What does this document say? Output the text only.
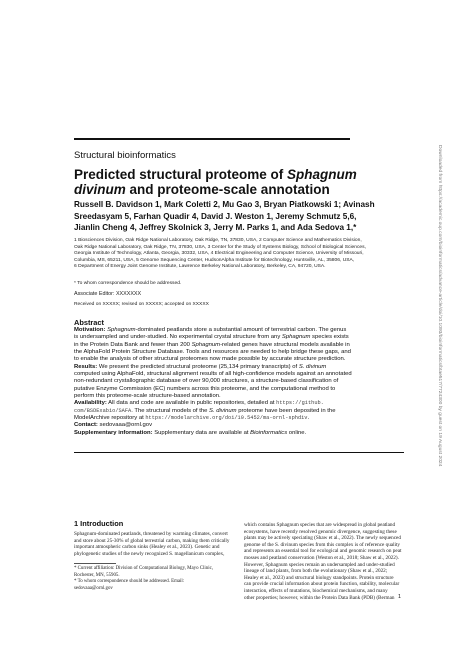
Downloaded from https://academic.oup.com/bioinformatics/advance-article/doi/10.1093/bioinformatics/btae517/7724300 by guest on 19 August 2024
Structural bioinformatics
Predicted structural proteome of Sphagnum
divinum and proteome-scale annotation
Russell B. Davidson 1, Mark Coletti 2, Mu Gao 3, Bryan Piatkowski 1; Avinash
Sreedasyam 5, Farhan Quadir 4, David J. Weston 1, Jeremy Schmutz 5,6,
Jianlin Cheng 4, Jeffrey Skolnick 3, Jerry M. Parks 1, and Ada Sedova 1,*
1 Biosciences Division, Oak Ridge National Laboratory, Oak Ridge, TN, 37830, USA, 2 Computer Science and Mathematics Division,
Oak Ridge National Laboratory, Oak Ridge, TN, 37830, USA, 3 Center for the Study of Systems Biology, School of Biological Sciences,
Georgia Institute of Technology, Atlanta, Georgia, 30332, USA, 4 Electrical Engineering and Computer Science, University of Missouri,
Columbia, MS, 65211, USA, 5 Genome Sequencing Center, HudsonAlpha Institute for Biotechnology, Huntsville, AL, 35806, USA,
6 Department of Energy Joint Genome Institute, Lawrence Berkeley National Laboratory, Berkeley, CA, 94720, USA.
* To whom correspondence should be addressed.
Associate Editor: XXXXXXX
Received on XXXXX; revised on XXXXX; accepted on XXXXX
Abstract
Motivation: Sphagnum-dominated peatlands store a substantial amount of terrestrial carbon. The genus
is undersampled and under-studied. No experimental crystal structure from any Sphagnum species exists
in the Protein Data Bank and fewer than 200 Sphagnum-related genes have structural models available in
the AlphaFold Protein Structure Database. Tools and resources are needed to help bridge these gaps, and
to enable the analysis of other structural proteomes now made possible by accurate structure prediction.
Results: We present the predicted structural proteome (25,134 primary transcripts) of S. divinum
computed using AlphaFold, structural alignment results of all high-confidence models against an annotated
non-redundant crystallographic database of over 90,000 structures, a structure-based classification of
putative Enzyme Commission (EC) numbers across this proteome, and the computational method to
perform this proteome-scale structure-based annotation.
Availability: All data and code are available in public repositories, detailed at https://github.
com/BSDExabio/SAFA. The structural models of the S. divinum proteome have been deposited in the
ModelArchive repository at https://modelarchive.org/doi/10.5452/ma-ornl-sphdiv.
Contact: sedovaaa@ornl.gov
Supplementary information: Supplementary data are available at Bioinformatics online.
1 Introduction
Sphagnum-dominated peatlands, threatened by warming climates, convert
and store about 25-30% of global terrestrial carbon, making them critically
important atmospheric carbon sinks (Healey et al., 2023). Genetic and
phylogenetic studies of the newly recognized S. magellanicum complex,
* Current affiliation: Division of Computational Biology, Mayo Clinic,
Rochester, MN, 55905.
* To whom correspondence should be addressed. Email:
sedovaaa@ornl.gov
which contains Sphagnum species that are widespread in global peatland
ecosystems, have recently resolved genomic divergence, suggesting these
plants may be actively speciating (Shaw et al., 2022). The newly sequenced
genome of the S. divinum species from this complex is of reference quality
and represents an essential tool for ecological and genomic research on peat
mosses and peatland conservation (Weston et al., 2018; Shaw et al., 2022).
However, Sphagnum species remain an undersampled and under-studied
lineage of land plants, from both the evolutionary (Shaw et al., 2022;
Healey et al., 2023) and structural biology standpoints. Protein structure
can provide crucial information about protein function, stability, molecular
interaction, effects of mutations, biochemical mechanisms, and many
other properties; however, within the Protein Data Bank (PDB) (Berman 1
